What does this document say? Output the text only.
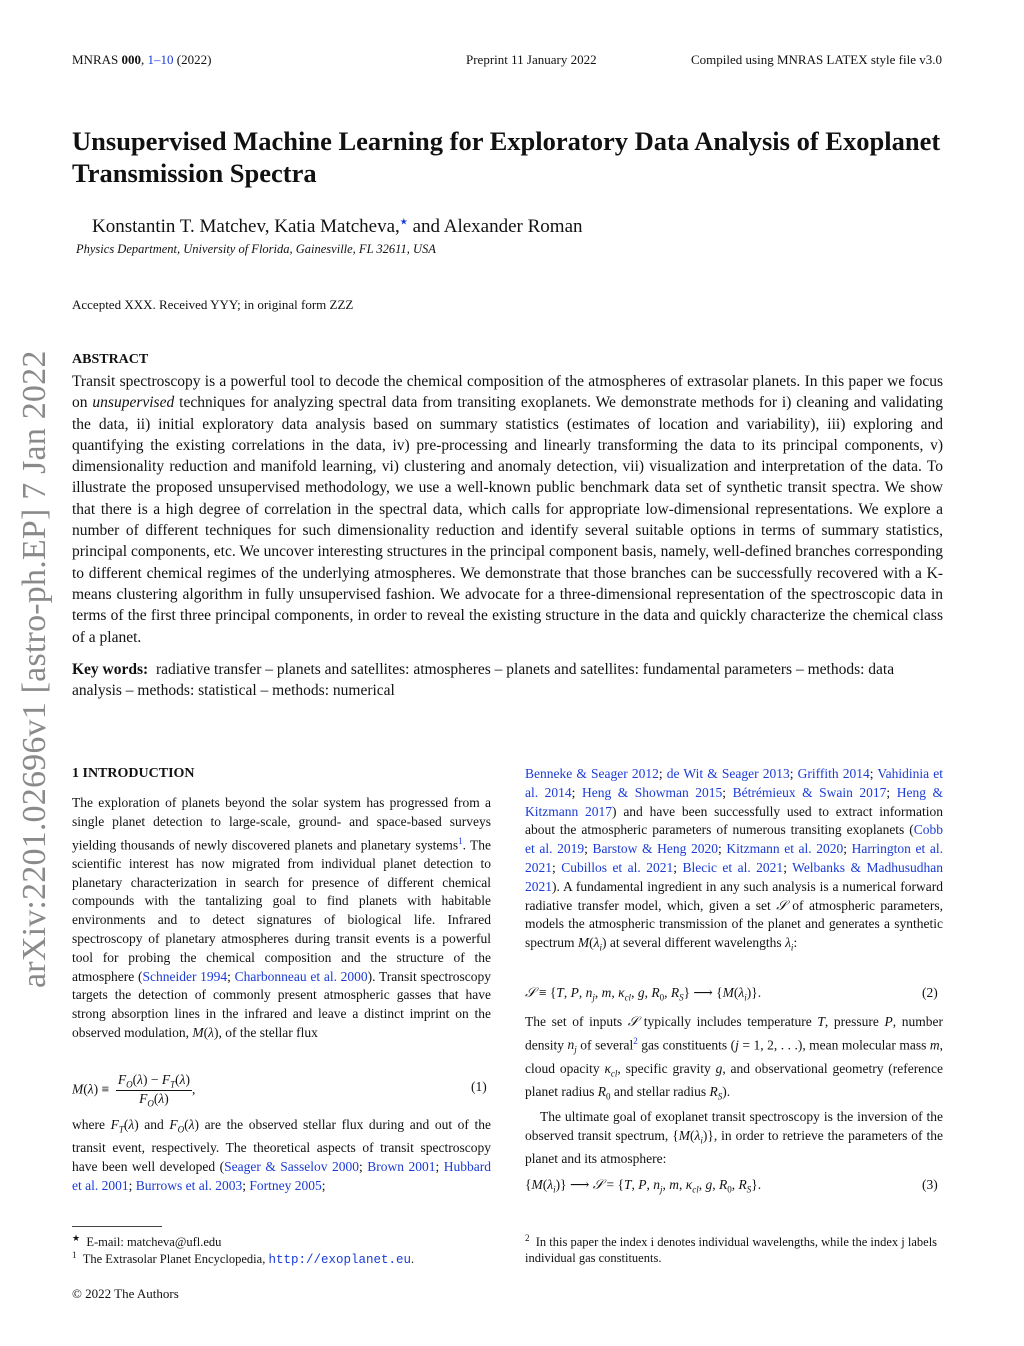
MNRAS 000, 1–10 (2022)	Preprint 11 January 2022	Compiled using MNRAS LATEX style file v3.0
arXiv:2201.02696v1 [astro-ph.EP] 7 Jan 2022
Unsupervised Machine Learning for Exploratory Data Analysis of Exoplanet Transmission Spectra
Konstantin T. Matchev, Katia Matcheva,★ and Alexander Roman
Physics Department, University of Florida, Gainesville, FL 32611, USA
Accepted XXX. Received YYY; in original form ZZZ
ABSTRACT
Transit spectroscopy is a powerful tool to decode the chemical composition of the atmospheres of extrasolar planets. In this paper we focus on unsupervised techniques for analyzing spectral data from transiting exoplanets. We demonstrate methods for i) cleaning and validating the data, ii) initial exploratory data analysis based on summary statistics (estimates of location and variability), iii) exploring and quantifying the existing correlations in the data, iv) pre-processing and linearly transforming the data to its principal components, v) dimensionality reduction and manifold learning, vi) clustering and anomaly detection, vii) visualization and interpretation of the data. To illustrate the proposed unsupervised methodology, we use a well-known public benchmark data set of synthetic transit spectra. We show that there is a high degree of correlation in the spectral data, which calls for appropriate low-dimensional representations. We explore a number of different techniques for such dimensionality reduction and identify several suitable options in terms of summary statistics, principal components, etc. We uncover interesting structures in the principal component basis, namely, well-defined branches corresponding to different chemical regimes of the underlying atmospheres. We demonstrate that those branches can be successfully recovered with a K-means clustering algorithm in fully unsupervised fashion. We advocate for a three-dimensional representation of the spectroscopic data in terms of the first three principal components, in order to reveal the existing structure in the data and quickly characterize the chemical class of a planet.
Key words: radiative transfer – planets and satellites: atmospheres – planets and satellites: fundamental parameters – methods: data analysis – methods: statistical – methods: numerical
1 INTRODUCTION
The exploration of planets beyond the solar system has progressed from a single planet detection to large-scale, ground- and space-based surveys yielding thousands of newly discovered planets and planetary systems$^1$. The scientific interest has now migrated from individual planet detection to planetary characterization in search for presence of different chemical compounds with the tantalizing goal to find planets with habitable environments and to detect signatures of biological life. Infrared spectroscopy of planetary atmospheres during transit events is a powerful tool for probing the chemical composition and the structure of the atmosphere (Schneider 1994; Charbonneau et al. 2000). Transit spectroscopy targets the detection of commonly present atmospheric gasses that have strong absorption lines in the infrared and leave a distinct imprint on the observed modulation, M(λ), of the stellar flux
$M(\lambda) \equiv \frac{F_O(\lambda) - F_T(\lambda)}{F_O(\lambda)}$ ,	(1)
where $F_T(\lambda)$ and $F_O(\lambda)$ are the observed stellar flux during and out of the transit event, respectively. The theoretical aspects of transit spectroscopy have been well developed (Seager & Sasselov 2000; Brown 2001; Hubbard et al. 2001; Burrows et al. 2003; Fortney 2005;
Benneke & Seager 2012; de Wit & Seager 2013; Griffith 2014; Vahidinia et al. 2014; Heng & Showman 2015; Bétrémieux & Swain 2017; Heng & Kitzmann 2017) and have been successfully used to extract information about the atmospheric parameters of numerous transiting exoplanets (Cobb et al. 2019; Barstow & Heng 2020; Kitzmann et al. 2020; Harrington et al. 2021; Cubillos et al. 2021; Blecic et al. 2021; Welbanks & Madhusudhan 2021). A fundamental ingredient in any such analysis is a numerical forward radiative transfer model, which, given a set 𝒮 of atmospheric parameters, models the atmospheric transmission of the planet and generates a synthetic spectrum $M(\lambda_i)$ at several different wavelengths $\lambda_i$:
𝒮 ≡ {T, P, $n_j$, m, $\kappa_{cl}$, g, $R_0$, $R_S$} ⟶ $\{M(\lambda_i)\}$.	(2)
The set of inputs 𝒮 typically includes temperature T, pressure P, number density $n_j$ of several$^2$ gas constituents (j = 1, 2, . . .), mean molecular mass m, cloud opacity $\kappa_{cl}$, specific gravity g, and observational geometry (reference planet radius $R_0$ and stellar radius $R_S$).
The ultimate goal of exoplanet transit spectroscopy is the inversion of the observed transit spectrum, $\{M(\lambda_i)\}$, in order to retrieve the parameters of the planet and its atmosphere:
$\{M(\lambda_i)\}$ ⟶ 𝒮 = {T, P, $n_j$, m, $\kappa_{cl}$, g, $R_0$, $R_S$}.	(3)
★ E-mail: matcheva@ufl.edu
$^1$ The Extrasolar Planet Encyclopedia, http://exoplanet.eu.
$^2$ In this paper the index i denotes individual wavelengths, while the index j labels individual gas constituents.
© 2022 The Authors
